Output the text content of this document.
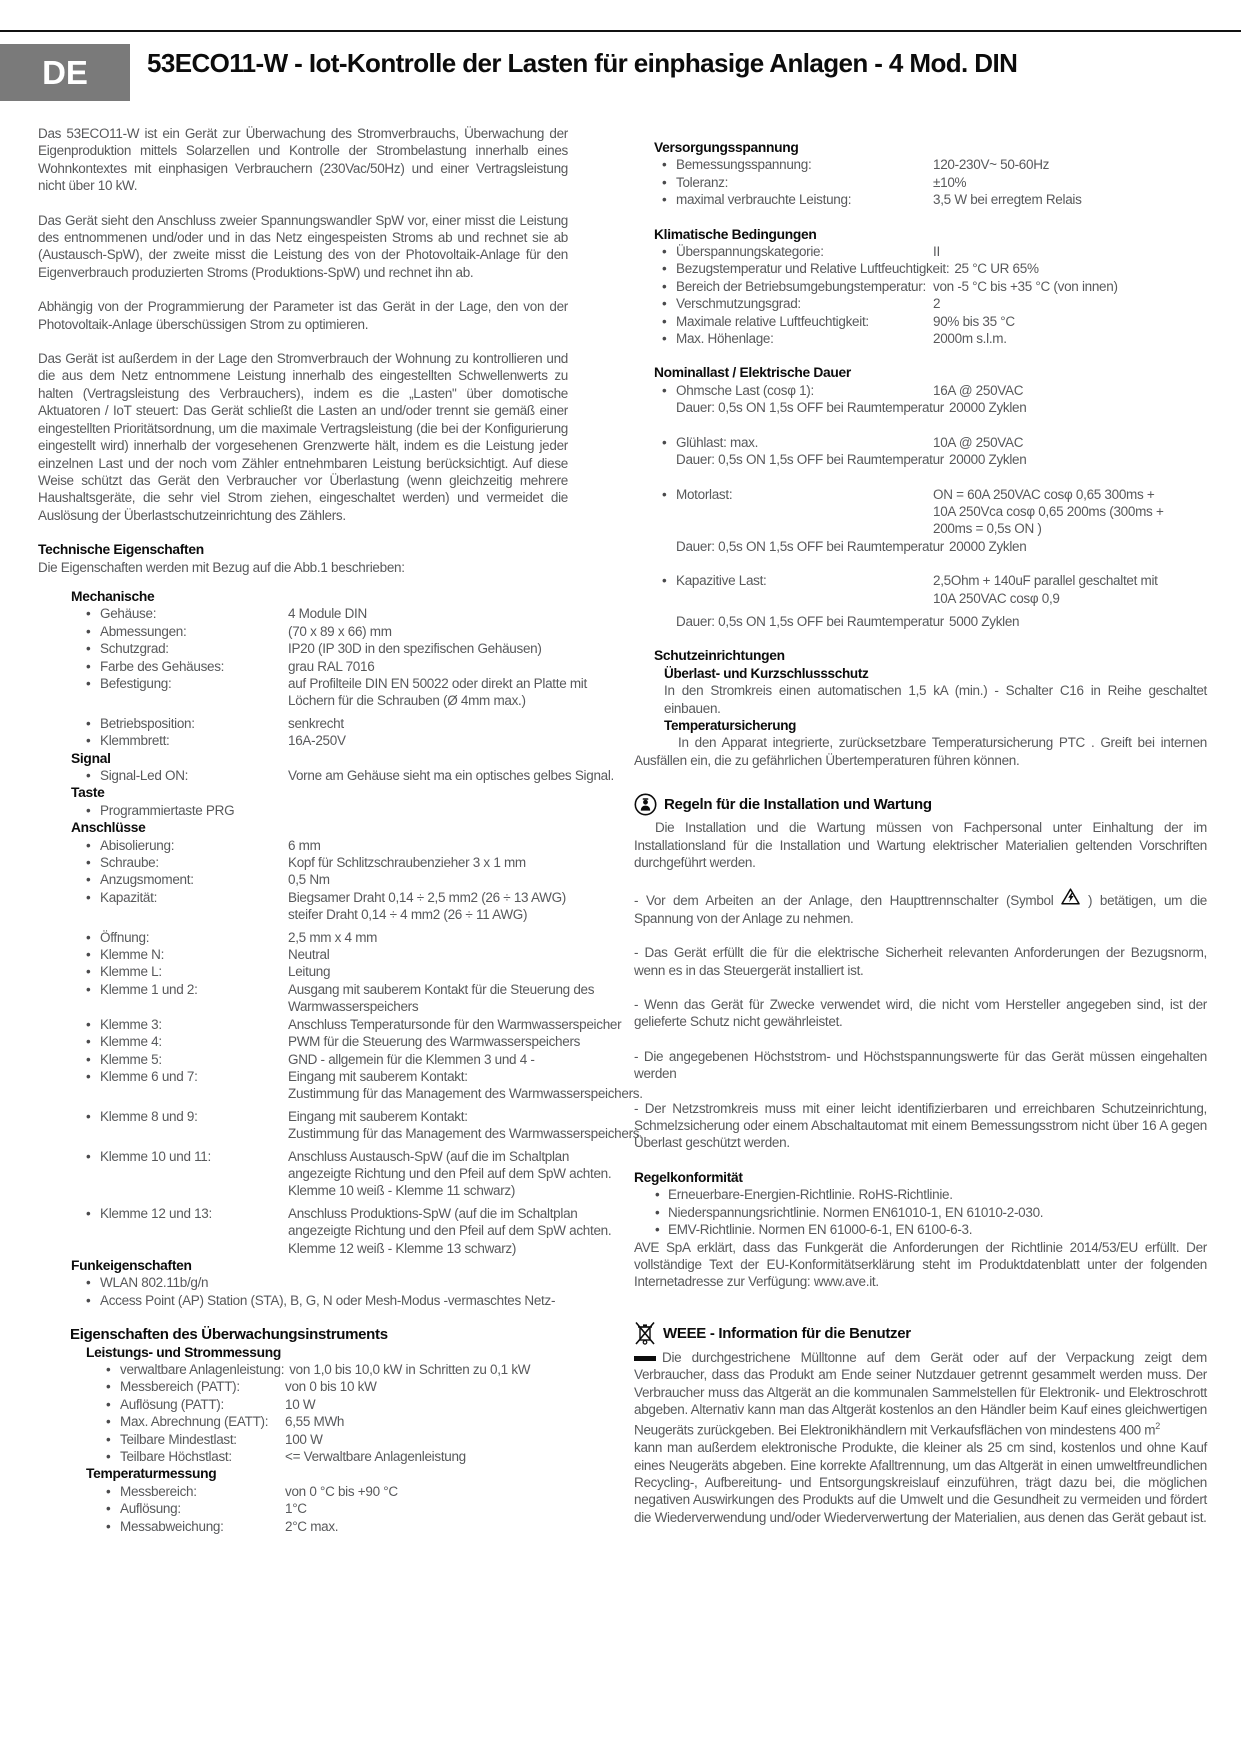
DE	53ECO11-W - Iot-Kontrolle der Lasten für einphasige Anlagen - 4 Mod. DIN

Das 53ECO11-W ist ein Gerät zur Überwachung des Stromverbrauchs, Überwachung der Eigenproduktion mittels Solarzellen und Kontrolle der Strombelastung innerhalb eines Wohnkontextes mit einphasigen Verbrauchern (230Vac/50Hz) und einer Vertragsleistung nicht über 10 kW.

Das Gerät sieht den Anschluss zweier Spannungswandler SpW vor, einer misst die Leistung des entnommenen und/oder und in das Netz eingespeisten Stroms ab und rechnet sie ab (Austausch-SpW), der zweite misst die Leistung des von der Photovoltaik-Anlage für den Eigenverbrauch produzierten Stroms (Produktions-SpW) und rechnet ihn ab.

Abhängig von der Programmierung der Parameter ist das Gerät in der Lage, den von der Photovoltaik-Anlage überschüssigen Strom zu optimieren.

Das Gerät ist außerdem in der Lage den Stromverbrauch der Wohnung zu kontrollieren und die aus dem Netz entnommene Leistung innerhalb des eingestellten Schwellenwerts zu halten (Vertragsleistung des Verbrauchers), indem es die „Lasten" über domotische Aktuatoren / IoT steuert: Das Gerät schließt die Lasten an und/oder trennt sie gemäß einer eingestellten Prioritätsordnung, um die maximale Vertragsleistung (die bei der Konfigurierung eingestellt wird) innerhalb der vorgesehenen Grenzwerte hält, indem es die Leistung jeder einzelnen Last und der noch vom Zähler entnehmbaren Leistung berücksichtigt. Auf diese Weise schützt das Gerät den Verbraucher vor Überlastung (wenn gleichzeitig mehrere Haushaltsgeräte, die sehr viel Strom ziehen, eingeschaltet werden) und vermeidet die Auslösung der Überlastschutzeinrichtung des Zählers.

Technische Eigenschaften

Die Eigenschaften werden mit Bezug auf die Abb.1 beschrieben:

Mechanische
• Gehäuse:	4 Module DIN
• Abmessungen:	(70 x 89 x 66) mm
• Schutzgrad:	IP20 (IP 30D in den spezifischen Gehäusen)
• Farbe des Gehäuses:	grau RAL 7016
• Befestigung:	auf Profilteile DIN EN 50022 oder direkt an Platte mit
Löchern für die Schrauben (Ø 4mm max.)
• Betriebsposition:	senkrecht
• Klemmbrett:	16A-250V
Signal
• Signal-Led ON:	Vorne am Gehäuse sieht ma ein optisches gelbes Signal.
Taste
• Programmiertaste PRG
Anschlüsse
• Abisolierung:	6 mm
• Schraube:	Kopf für Schlitzschraubenzieher 3 x 1 mm
• Anzugsmoment:	0,5 Nm
• Kapazität:	Biegsamer Draht 0,14 ÷ 2,5 mm2 (26 ÷ 13 AWG)
steifer Draht 0,14 ÷ 4 mm2 (26 ÷ 11 AWG)
• Öffnung:	2,5 mm x 4 mm
• Klemme N:	Neutral
• Klemme L:	Leitung
• Klemme 1 und 2:	Ausgang mit sauberem Kontakt für die Steuerung des
Warmwasserspeichers
• Klemme 3:	Anschluss Temperatursonde für den Warmwasserspeicher
• Klemme 4:	PWM für die Steuerung des Warmwasserspeichers
• Klemme 5:	GND - allgemein für die Klemmen 3 und 4 -
• Klemme 6 und 7:	Eingang mit sauberem Kontakt:
Zustimmung für das Management des Warmwasserspeichers.
• Klemme 8 und 9:	Eingang mit sauberem Kontakt:
Zustimmung für das Management des Warmwasserspeichers.
• Klemme 10 und 11:	Anschluss Austausch-SpW (auf die im Schaltplan
angezeigte Richtung und den Pfeil auf dem SpW achten.
Klemme 10 weiß - Klemme 11 schwarz)
• Klemme 12 und 13:	Anschluss Produktions-SpW (auf die im Schaltplan
angezeigte Richtung und den Pfeil auf dem SpW achten.
Klemme 12 weiß - Klemme 13 schwarz)
Funkeigenschaften
• WLAN 802.11b/g/n
• Access Point (AP) Station (STA), B, G, N oder Mesh-Modus -vermaschtes Netz-
Eigenschaften des Überwachungsinstruments
Leistungs- und Strommessung
• verwaltbare Anlagenleistung: von 1,0 bis 10,0 kW in Schritten zu 0,1 kW
• Messbereich (PATT):	von 0 bis 10 kW
• Auflösung (PATT):	10 W
• Max. Abrechnung (EATT):	6,55 MWh
• Teilbare Mindestlast:	100 W
• Teilbare Höchstlast:	<= Verwaltbare Anlagenleistung
Temperaturmessung
• Messbereich:	von 0 °C bis +90 °C
• Auflösung:	1°C
• Messabweichung:	2°C max.
Versorgungsspannung
• Bemessungsspannung:	120-230V~ 50-60Hz
• Toleranz:	±10%
• maximal verbrauchte Leistung:	3,5 W bei erregtem Relais
Klimatische Bedingungen
• Überspannungskategorie:	II
• Bezugstemperatur und Relative Luftfeuchtigkeit: 25 °C UR 65%
• Bereich der Betriebsumgebungstemperatur: von -5 °C bis +35 °C (von innen)
• Verschmutzungsgrad:	2
• Maximale relative Luftfeuchtigkeit:	90% bis 35 °C
• Max. Höhenlage:	2000m s.l.m.
Nominallast / Elektrische Dauer
• Ohmsche Last (cosφ 1):	16A @ 250VAC
Dauer: 0,5s ON 1,5s OFF bei Raumtemperatur 20000 Zyklen
• Glühlast: max.	10A @ 250VAC
Dauer: 0,5s ON 1,5s OFF bei Raumtemperatur 20000 Zyklen
• Motorlast:	ON = 60A 250VAC cosφ 0,65 300ms +
10A 250Vca cosφ 0,65 200ms (300ms +
200ms = 0,5s ON )
Dauer: 0,5s ON 1,5s OFF bei Raumtemperatur 20000 Zyklen
• Kapazitive Last:	2,5Ohm + 140uF parallel geschaltet mit
10A 250VAC cosφ 0,9
Dauer: 0,5s ON 1,5s OFF bei Raumtemperatur 5000 Zyklen
Schutzeinrichtungen
Überlast- und Kurzschlussschutz

In den Stromkreis einen automatischen 1,5 kA (min.) - Schalter C16 in Reihe geschaltet einbauen.

Temperatursicherung

In den Apparat integrierte, zurücksetzbare Temperatursicherung PTC . Greift bei internen Ausfällen ein, die zu gefährlichen Übertemperaturen führen können.

Regeln für die Installation und Wartung

Die Installation und die Wartung müssen von Fachpersonal unter Einhaltung der im Installationsland für die Installation und Wartung elektrischer Materialien geltenden Vorschriften durchgeführt werden.

- Vor dem Arbeiten an der Anlage, den Haupttrennschalter (Symbol	) betätigen, um die Spannung von der Anlage zu nehmen.

- Das Gerät erfüllt die für die elektrische Sicherheit relevanten Anforderungen der Bezugsnorm, wenn es in das Steuergerät installiert ist.

- Wenn das Gerät für Zwecke verwendet wird, die nicht vom Hersteller angegeben sind, ist der gelieferte Schutz nicht gewährleistet.

- Die angegebenen Höchststrom- und Höchstspannungswerte für das Gerät müssen eingehalten werden

- Der Netzstromkreis muss mit einer leicht identifizierbaren und erreichbaren Schutzeinrichtung, Schmelzsicherung oder einem Abschaltautomat mit einem Bemessungsstrom nicht über 16 A gegen Überlast geschützt werden.

Regelkonformität
• Erneuerbare-Energien-Richtlinie. RoHS-Richtlinie.
• Niederspannungsrichtlinie. Normen EN61010-1, EN 61010-2-030.
• EMV-Richtlinie. Normen EN 61000-6-1, EN 6100-6-3.

AVE SpA erklärt, dass das Funkgerät die Anforderungen der Richtlinie 2014/53/EU erfüllt. Der vollständige Text der EU-Konformitätserklärung steht im Produktdatenblatt unter der folgenden Internetadresse zur Verfügung: www.ave.it.

WEEE - Information für die Benutzer

Die durchgestrichene Mülltonne auf dem Gerät oder auf der Verpackung zeigt dem Verbraucher, dass das Produkt am Ende seiner Nutzdauer getrennt gesammelt werden muss. Der Verbraucher muss das Altgerät an die kommunalen Sammelstellen für Elektronik- und Elektroschrott abgeben. Alternativ kann man das Altgerät kostenlos an den Händler beim Kauf eines gleichwertigen Neugeräts zurückgeben. Bei Elektronikhändlern mit Verkaufsflächen von mindestens 400 $m^2$
kann man außerdem elektronische Produkte, die kleiner als 25 cm sind, kostenlos und ohne Kauf eines Neugeräts abgeben. Eine korrekte Afalltrennung, um das Altgerät in einen umweltfreundlichen Recycling-, Aufbereitung- und Entsorgungskreislauf einzuführen, trägt dazu bei, die möglichen negativen Auswirkungen des Produkts auf die Umwelt und die Gesundheit zu vermeiden und fördert die Wiederverwendung und/oder Wiederverwertung der Materialien, aus denen das Gerät gebaut ist.
